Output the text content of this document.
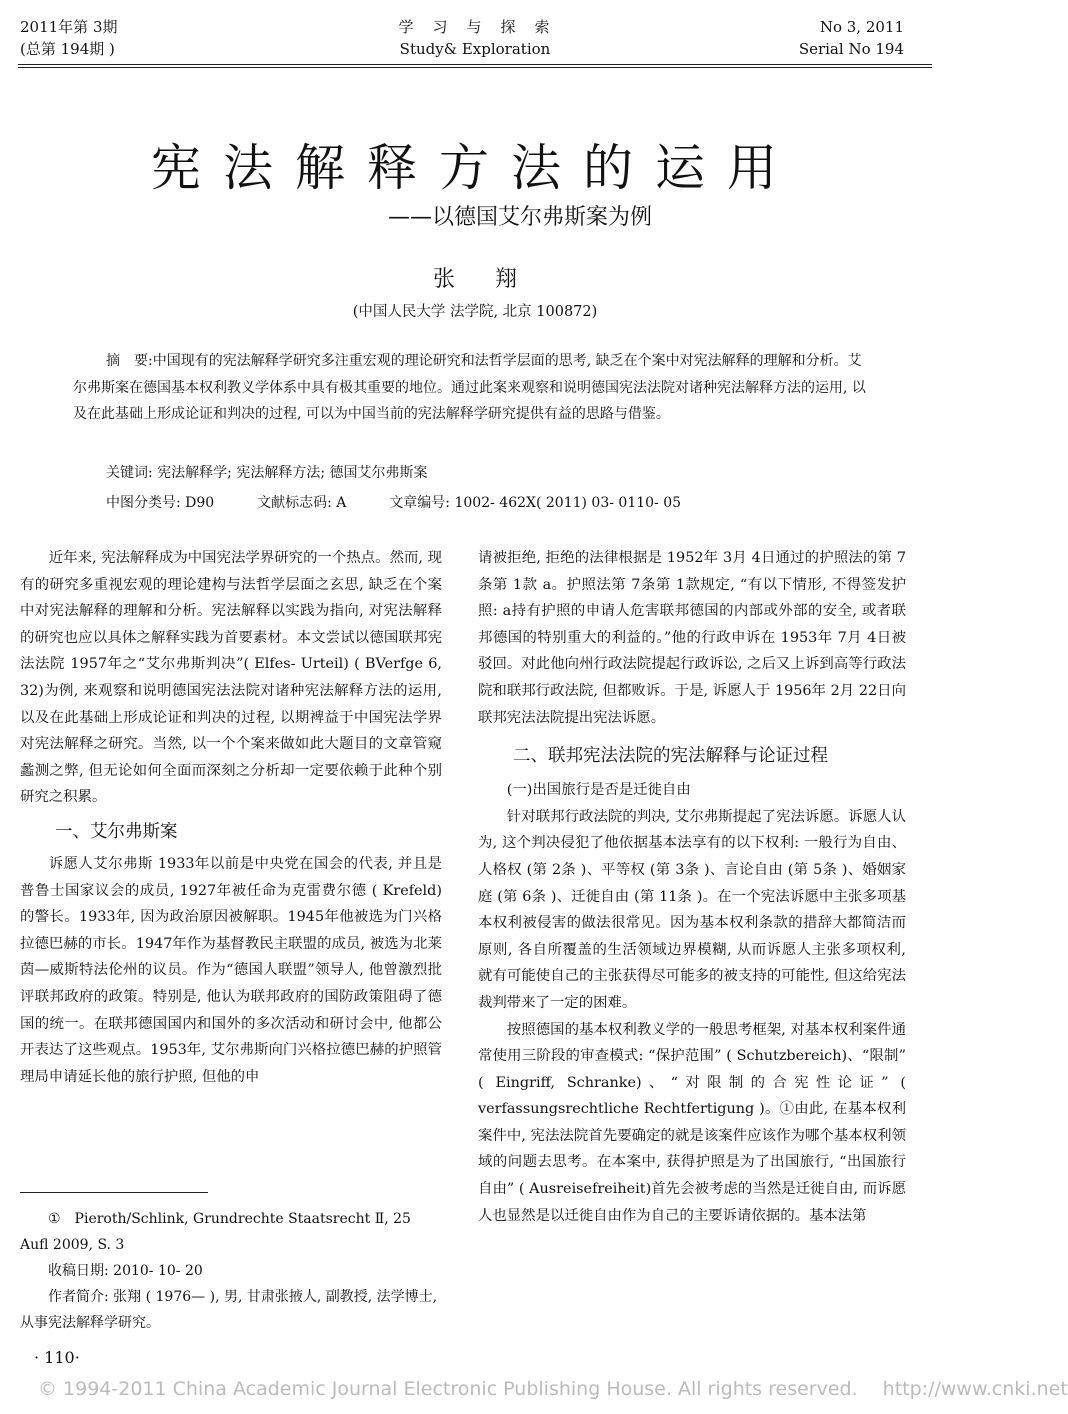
2011年第 3期
(总第 194期 )
学　习　与　探　索
Study& Exploration
No 3, 2011
Serial No 194
宪法解释方法的运用
——以德国艾尔弗斯案为例
张翔
(中国人民大学 法学院, 北京 100872)
摘　要:中国现有的宪法解释学研究多注重宏观的理论研究和法哲学层面的思考, 缺乏在个案中对宪法解释的理解和分析。艾尔弗斯案在德国基本权利教义学体系中具有极其重要的地位。通过此案来观察和说明德国宪法法院对诸种宪法解释方法的运用, 以及在此基础上形成论证和判决的过程, 可以为中国当前的宪法解释学研究提供有益的思路与借鉴。
关键词: 宪法解释学; 宪法解释方法; 德国艾尔弗斯案
中图分类号: D90	文献标志码: A	文章编号: 1002- 462X( 2011) 03- 0110- 05

近年来, 宪法解释成为中国宪法学界研究的一个热点。然而, 现有的研究多重视宏观的理论建构与法哲学层面之玄思, 缺乏在个案中对宪法解释的理解和分析。宪法解释以实践为指向, 对宪法解释的研究也应以具体之解释实践为首要素材。本文尝试以德国联邦宪法法院 1957年之“艾尔弗斯判决”( Elfes- Urteil) ( BVerfge 6, 32)为例, 来观察和说明德国宪法法院对诸种宪法解释方法的运用, 以及在此基础上形成论证和判决的过程, 以期裨益于中国宪法学界对宪法解释之研究。当然, 以一个个案来做如此大题目的文章管窥蠡测之弊, 但无论如何全面而深刻之分析却一定要依赖于此种个别研究之积累。

一、艾尔弗斯案

诉愿人艾尔弗斯 1933年以前是中央党在国会的代表, 并且是普鲁士国家议会的成员, 1927年被任命为克雷费尔德 ( Krefeld)的警长。1933年, 因为政治原因被解职。1945年他被选为门兴格拉德巴赫的市长。1947年作为基督教民主联盟的成员, 被选为北莱茵—威斯特法伦州的议员。作为“德国人联盟”领导人, 他曾激烈批评联邦政府的政策。特别是, 他认为联邦政府的国防政策阻碍了德国的统一。在联邦德国国内和国外的多次活动和研讨会中, 他都公开表达了这些观点。1953年, 艾尔弗斯向门兴格拉德巴赫的护照管理局申请延长他的旅行护照, 但他的申

①　Pieroth/Schlink, Grundrechte Staatsrecht Ⅱ, 25 Aufl 2009, S. 3

收稿日期: 2010- 10- 20

作者简介: 张翔 ( 1976— ), 男, 甘肃张掖人, 副教授, 法学博士, 从事宪法解释学研究。

请被拒绝, 拒绝的法律根据是 1952年 3月 4日通过的护照法的第 7条第 1款 a。护照法第 7条第 1款规定, “有以下情形, 不得签发护照: a持有护照的申请人危害联邦德国的内部或外部的安全, 或者联邦德国的特别重大的利益的。”他的行政申诉在 1953年 7月 4日被驳回。对此他向州行政法院提起行政诉讼, 之后又上诉到高等行政法院和联邦行政法院, 但都败诉。于是, 诉愿人于 1956年 2月 22日向联邦宪法法院提出宪法诉愿。

二、联邦宪法法院的宪法解释与论证过程

(一)出国旅行是否是迁徙自由

针对联邦行政法院的判决, 艾尔弗斯提起了宪法诉愿。诉愿人认为, 这个判决侵犯了他依据基本法享有的以下权利: 一般行为自由、人格权 (第 2条 )、平等权 (第 3条 )、言论自由 (第 5条 )、婚姻家庭 (第 6条 )、迁徙自由 (第 11条 )。在一个宪法诉愿中主张多项基本权利被侵害的做法很常见。因为基本权利条款的措辞大都简洁而原则, 各自所覆盖的生活领域边界模糊, 从而诉愿人主张多项权利, 就有可能使自己的主张获得尽可能多的被支持的可能性, 但这给宪法裁判带来了一定的困难。

按照德国的基本权利教义学的一般思考框架, 对基本权利案件通常使用三阶段的审查模式: “保护范围” ( Schutzbereich)、“限制” ( Eingriff, Schranke)、“对限制的合宪性论证” ( verfassungsrechtliche Rechtfertigung )。①由此, 在基本权利案件中, 宪法法院首先要确定的就是该案件应该作为哪个基本权利领域的问题去思考。在本案中, 获得护照是为了出国旅行, “出国旅行自由” ( Ausreisefreiheit)首先会被考虑的当然是迁徙自由, 而诉愿人也显然是以迁徙自由作为自己的主要诉请依据的。基本法第

· 110·
© 1994-2011 China Academic Journal Electronic Publishing House. All rights reserved.　 http://www.cnki.net
